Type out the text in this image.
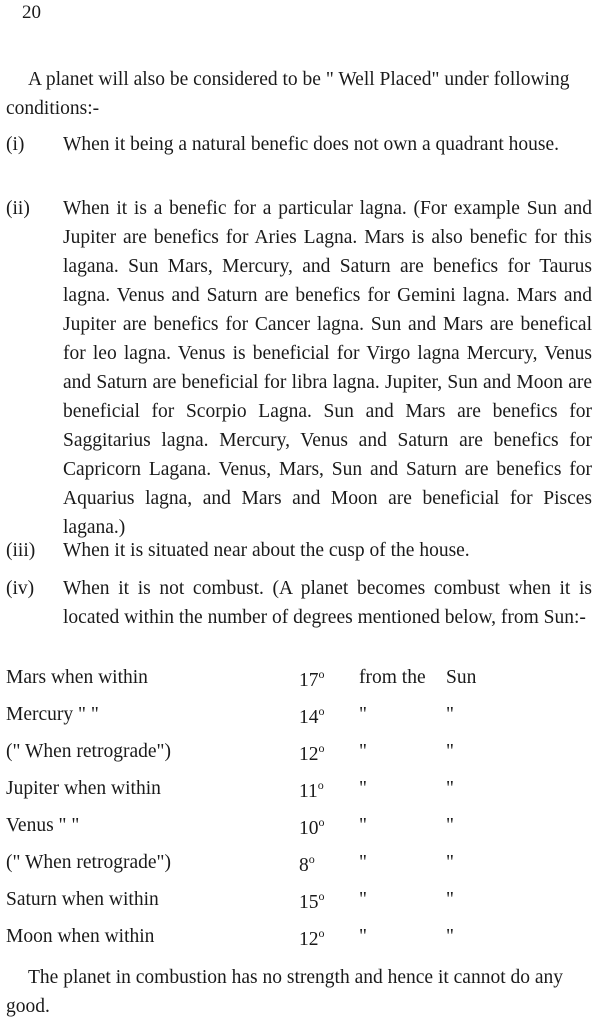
20

A planet will also be considered to be " Well Placed" under following conditions:-

(i) When it being a natural benefic does not own a quadrant house.
(ii) When it is a benefic for a particular lagna. (For example Sun and Jupiter are benefics for Aries Lagna. Mars is also benefic for this lagana. Sun Mars, Mercury, and Saturn are benefics for Taurus lagna. Venus and Saturn are benefics for Gemini lagna. Mars and Jupiter are benefics for Cancer lagna. Sun and Mars are benefical for leo lagna. Venus is beneficial for Virgo lagna Mercury, Venus and Saturn are beneficial for libra lagna. Jupiter, Sun and Moon are beneficial for Scorpio Lagna. Sun and Mars are benefics for Saggitarius lagna. Mercury, Venus and Saturn are benefics for Capricorn Lagana. Venus, Mars, Sun and Saturn are benefics for Aquarius lagna, and Mars and Moon are beneficial for Pisces lagana.)
(iii) When it is situated near about the cusp of the house.
(iv) When it is not combust. (A planet becomes combust when it is located within the number of degrees mentioned below, from Sun:-
Mars when within	17$^o$ from the Sun
Mercury " "	14$^o$ "	"
(" When retrograde")	12$^o$ "	"
Jupiter when within	11$^o$ "	"
Venus " "	10$^o$ "	"
(" When retrograde")	8$^o$ "	"
Saturn when within	15$^o$ "	"
Moon when within	12$^o$ "	"

The planet in combustion has no strength and hence it cannot do any good.
